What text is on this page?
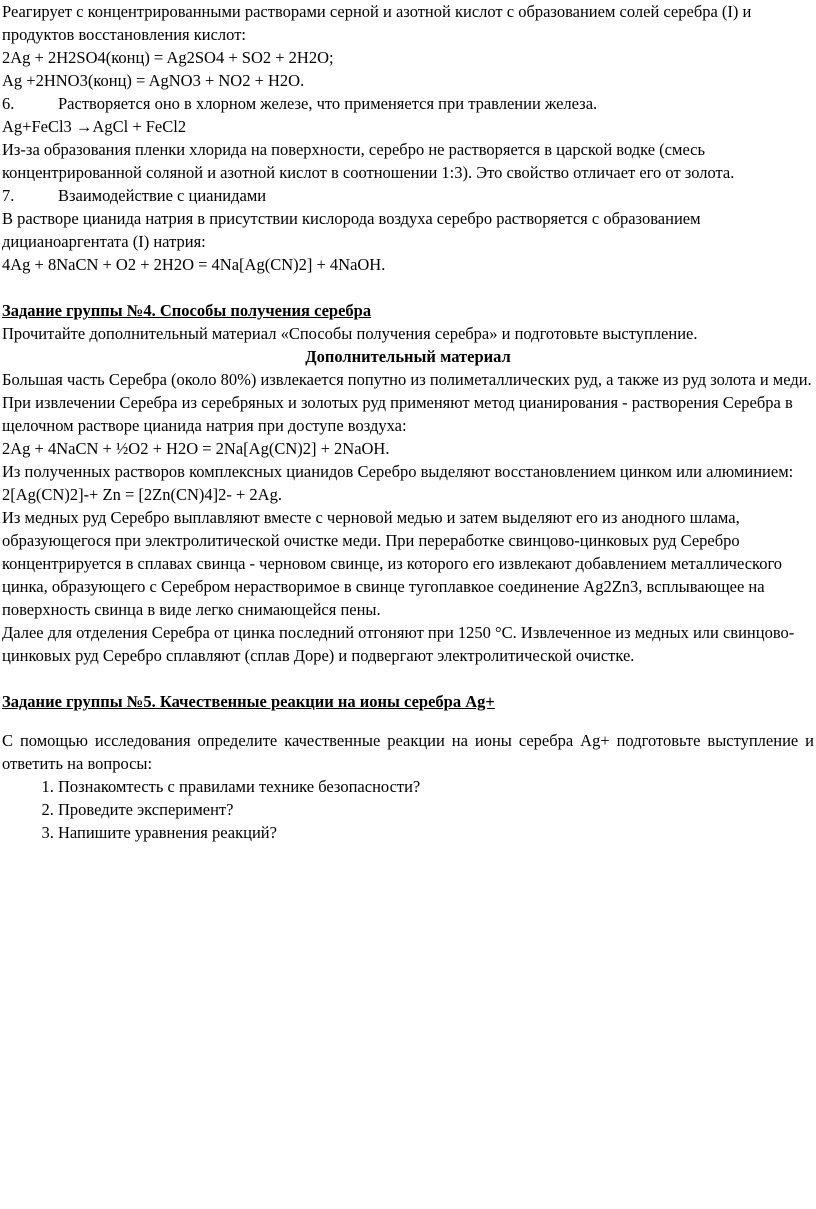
Реагирует с концентрированными растворами серной и азотной кислот с образованием солей серебра (I) и продуктов восстановления кислот:
2Ag + 2H2SO4(конц) = Ag2SO4 + SO2 + 2H2O;
Ag +2HNO3(конц) = AgNO3 + NO2 + H2O.
6.	Растворяется оно в хлорном железе, что применяется при травлении железа.
Ag+FeCl3 →AgCl + FeCl2
Из-за образования пленки хлорида на поверхности, серебро не растворяется в царской водке (смесь концентрированной соляной и азотной кислот в соотношении 1:3). Это свойство отличает его от золота.
7.	Взаимодействие с цианидами
В растворе цианида натрия в присутствии кислорода воздуха серебро растворяется с образованием дицианоаргентата (I) натрия:
4Ag + 8NaCN + O2 + 2H2O = 4Na[Ag(CN)2] + 4NaOH.
Задание группы №4. Способы получения серебра
Прочитайте дополнительный материал «Способы получения серебра» и подготовьте выступление.
Дополнительный материал
Большая часть Серебра (около 80%) извлекается попутно из полиметаллических руд, а также из руд золота и меди. При извлечении Серебра из серебряных и золотых руд применяют метод цианирования - растворения Серебра в щелочном растворе цианида натрия при доступе воздуха:
2Ag + 4NaCN + ½O2 + H2O = 2Na[Ag(CN)2] + 2NaOH.
Из полученных растворов комплексных цианидов Серебро выделяют восстановлением цинком или алюминием:
2[Ag(CN)2]-+ Zn = [2Zn(CN)4]2- + 2Ag.
Из медных руд Серебро выплавляют вместе с черновой медью и затем выделяют его из анодного шлама, образующегося при электролитической очистке меди. При переработке свинцово-цинковых руд Серебро концентрируется в сплавах свинца - черновом свинце, из которого его извлекают добавлением металлического цинка, образующего с Серебром нерастворимое в свинце тугоплавкое соединение Ag2Zn3, всплывающее на поверхность свинца в виде легко снимающейся пены.
Далее для отделения Серебра от цинка последний отгоняют при 1250 °С. Извлеченное из медных или свинцово-цинковых руд Серебро сплавляют (сплав Доре) и подвергают электролитической очистке.
Задание группы №5. Качественные реакции на ионы серебра Ag+
С помощью исследования определите качественные реакции на ионы серебра Ag+ подготовьте выступление и ответить на вопросы:
1. Познакомтесть с правилами технике безопасности?
2. Проведите эксперимент?
3. Напишите уравнения реакций?
